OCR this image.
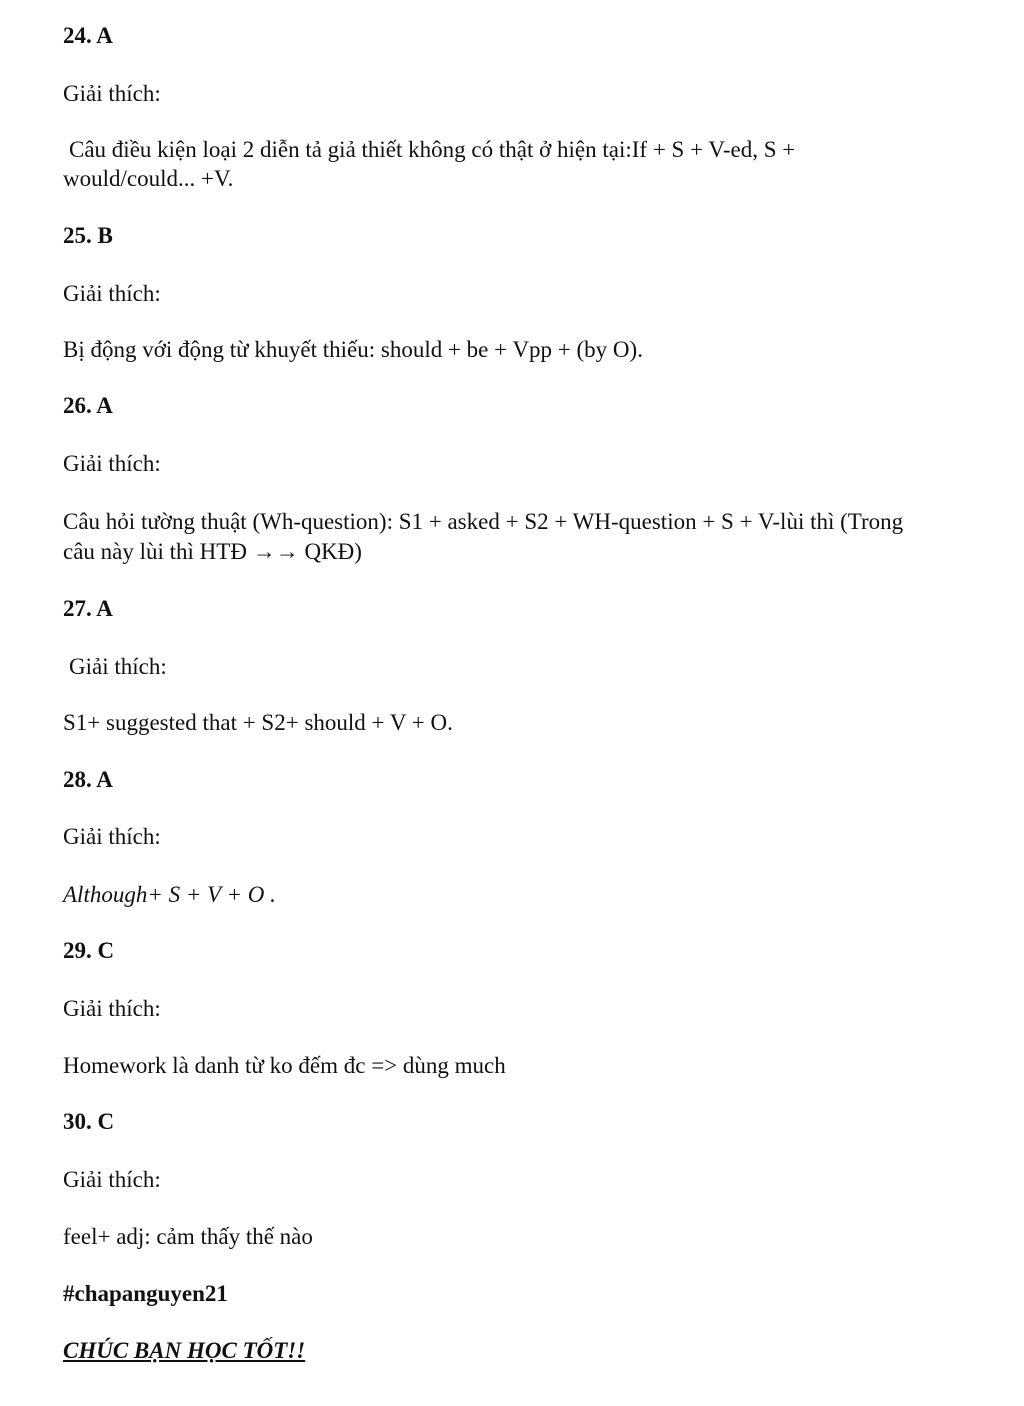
24. A
Giải thích:
Câu điều kiện loại 2 diễn tả giả thiết không có thật ở hiện tại:If + S + V-ed, S +
would/could... +V.
25. B
Giải thích:
Bị động với động từ khuyết thiếu: should + be + Vpp + (by O).
26. A
Giải thích:
Câu hỏi tường thuật (Wh-question): S1 + asked + S2 + WH-question + S + V-lùi thì (Trong
câu này lùi thì HTĐ →→ QKĐ)
27. A
Giải thích:
S1+ suggested that + S2+ should + V + O.
28. A
Giải thích:
Although+ S + V + O .
29. C
Giải thích:
Homework là danh từ ko đếm đc => dùng much
30. C
Giải thích:
feel+ adj: cảm thấy thế nào
#chapanguyen21
CHÚC BẠN HỌC TỐT!!
